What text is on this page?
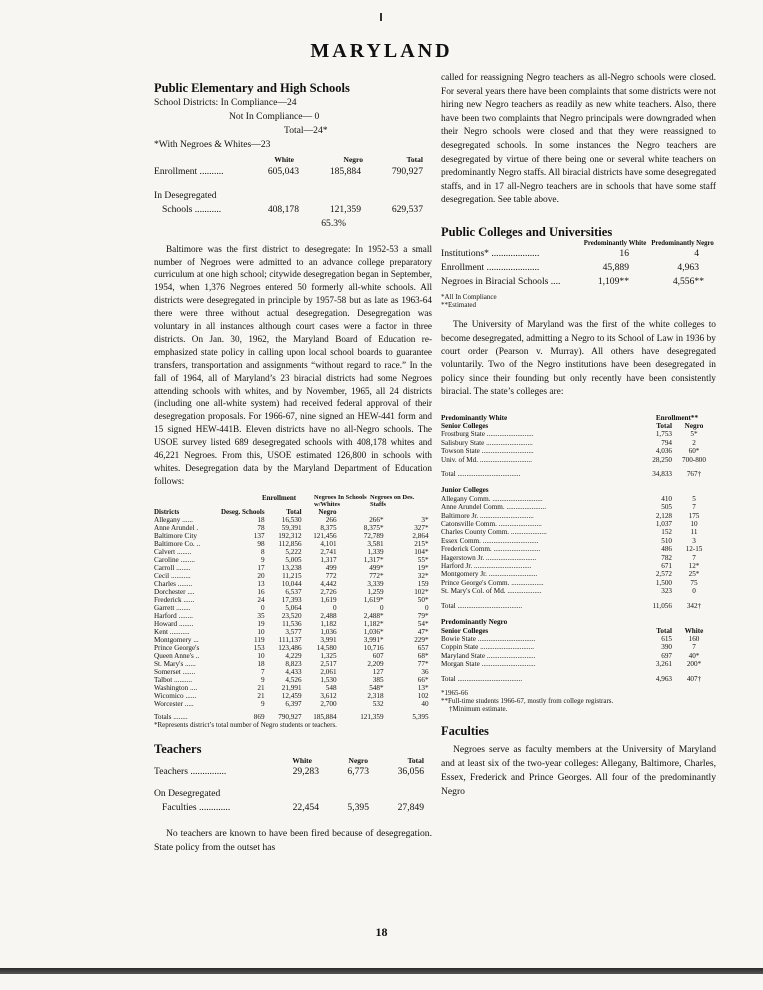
MARYLAND
Public Elementary and High Schools
School Districts: In Compliance—24
Not In Compliance— 0
Total—24*
*With Negroes & Whites—23
White	Negro	Total
Enrollment ..........	605,043	185,884	790,927
In Desegregated
Schools ...........	408,178	121,359	629,537
65.3%

Baltimore was the first district to desegregate: In 1952-53 a small number of Negroes were admitted to an advance college preparatory curriculum at one high school; citywide desegregation began in September, 1954, when 1,376 Negroes entered 50 formerly all-white schools. All districts were desegregated in principle by 1957-58 but as late as 1963-64 there were three without actual desegregation. Desegregation was voluntary in all instances although court cases were a factor in three districts. On Jan. 30, 1962, the Maryland Board of Education re-emphasized state policy in calling upon local school boards to guarantee transfers, transportation and assignments “without regard to race.” In the fall of 1964, all of Maryland’s 23 biracial districts had some Negroes attending schools with whites, and by November, 1965, all 24 districts (including one all-white system) had received federal approval of their desegregation proposals. For 1966-67, nine signed an HEW-441 form and 15 signed HEW-441B. Eleven districts have no all-Negro schools. The USOE survey listed 689 desegregated schools with 408,178 whites and 46,221 Negroes. From this, USOE estimated 126,800 in schools with whites. Desegregation data by the Maryland Department of Education follows:

Enrollment	Negroes In Schools w/Whites
Negroes on Des. Staffs
Districts	Deseg. Schools	Total	Negro		
Allegany ......	18	16,530	266	266*	3*
Anne Arundel .	78	59,391	8,375	8,375*	327*
Baltimore City	137	192,312	121,456	72,789	2,864
Baltimore Co. ..	98	112,856	4,101	3,581	215*
Calvert ........	8	5,222	2,741	1,339	104*
Caroline ........	9	5,005	1,317	1,317*	55*
Carroll ........	17	13,238	499	499*	19*
Cecil ...........	20	11,215	772	772*	32*
Charles ........	13	10,044	4,442	3,339	159
Dorchester ....	16	6,537	2,726	1,259	102*
Frederick ......	24	17,393	1,619	1,619*	50*
Garrett ........	0	5,064	0	0	0
Harford ........	35	23,520	2,488	2,488*	79*
Howard ........	19	11,536	1,182	1,182*	54*
Kent ...........	10	3,577	1,036	1,036*	47*
Montgomery ...	119	111,137	3,991	3,991*	229*
Prince George's	153	123,486	14,580	10,716	657
Queen Anne's ..	10	4,229	1,325	607	68*
St. Mary's ......	18	8,823	2,517	2,209	77*
Somerset .......	7	4,433	2,061	127	36
Talbot ..........	9	4,526	1,530	385	66*
Washington ....	21	21,991	548	548*	13*
Wicomico ......	21	12,459	3,612	2,318	102
Worcester .....	9	6,397	2,700	532	40
Totals ........	869	790,927	185,884	121,359	5,395
*Represents district’s total number of Negro students or teachers.
Teachers
White	Negro	Total
Teachers ...............	29,283	6,773	36,056
On Desegregated
Faculties .............	22,454	5,395	27,849

No teachers are known to have been fired because of desegregation. State policy from the outset has

called for reassigning Negro teachers as all-Negro schools were closed. For several years there have been complaints that some districts were not hiring new Negro teachers as readily as new white teachers. Also, there have been two complaints that Negro principals were downgraded when their Negro schools were closed and that they were reassigned to desegregated schools. In some instances the Negro teachers are desegregated by virtue of there being one or several white teachers on predominantly Negro staffs. All biracial districts have some desegregated staffs, and in 17 all-Negro teachers are in schools that have some staff desegregation. See table above.

Public Colleges and Universities
Predominantly White Predominantly Negro
Institutions* ....................	16	4
Enrollment ......................	45,889	4,963
Negroes in Biracial Schools ....	1,109**	4,556**
*All In Compliance
**Estimated

The University of Maryland was the first of the white colleges to become desegregated, admitting a Negro to its School of Law in 1936 by court order (Pearson v. Murray). All others have desegregated voluntarily. Two of the Negro institutions have been desegregated in policy since their founding but only recently have been consistently biracial. The state’s colleges are:

Predominantly White	Enrollment**
Senior Colleges	Total	Negro
Frostburg State ..........................	1,753	5*
Salisbury State ..........................	794	2
Towson State .............................	4,036	60*
Univ. of Md. .............................	28,250	700-800
Total ...................................	34,833	767†
Junior Colleges
Allegany Comm. ............................	410	5
Anne Arundel Comm. ......................	505	7
Baltimore Jr. ..............................	2,128	175
Catonsville Comm. ........................	1,037	10
Charles County Comm. ....................	152	11
Essex Comm. ...............................	510	3
Frederick Comm. ..........................	486	12-15
Hagerstown Jr. ............................	782	7
Harford Jr. ................................	671	12*
Montgomery Jr. ...........................	2,572	25*
Prince George's Comm. ..................	1,500	75
St. Mary's Col. of Md. ...................	323	0
Total ....................................	11,056	342†
Predominantly Negro
Senior Colleges	Total	White
Bowie State ................................	615	160
Coppin State ..............................	390	7
Maryland State ...........................	697	40*
Morgan State ..............................	3,261	200*
Total ....................................	4,963	407†
*1965-66
**Full-time students 1966-67, mostly from college registrars.
†Minimum estimate.
Faculties

Negroes serve as faculty members at the University of Maryland and at least six of the two-year colleges: Allegany, Baltimore, Charles, Essex, Frederick and Prince Georges. All four of the predominantly Negro

18
